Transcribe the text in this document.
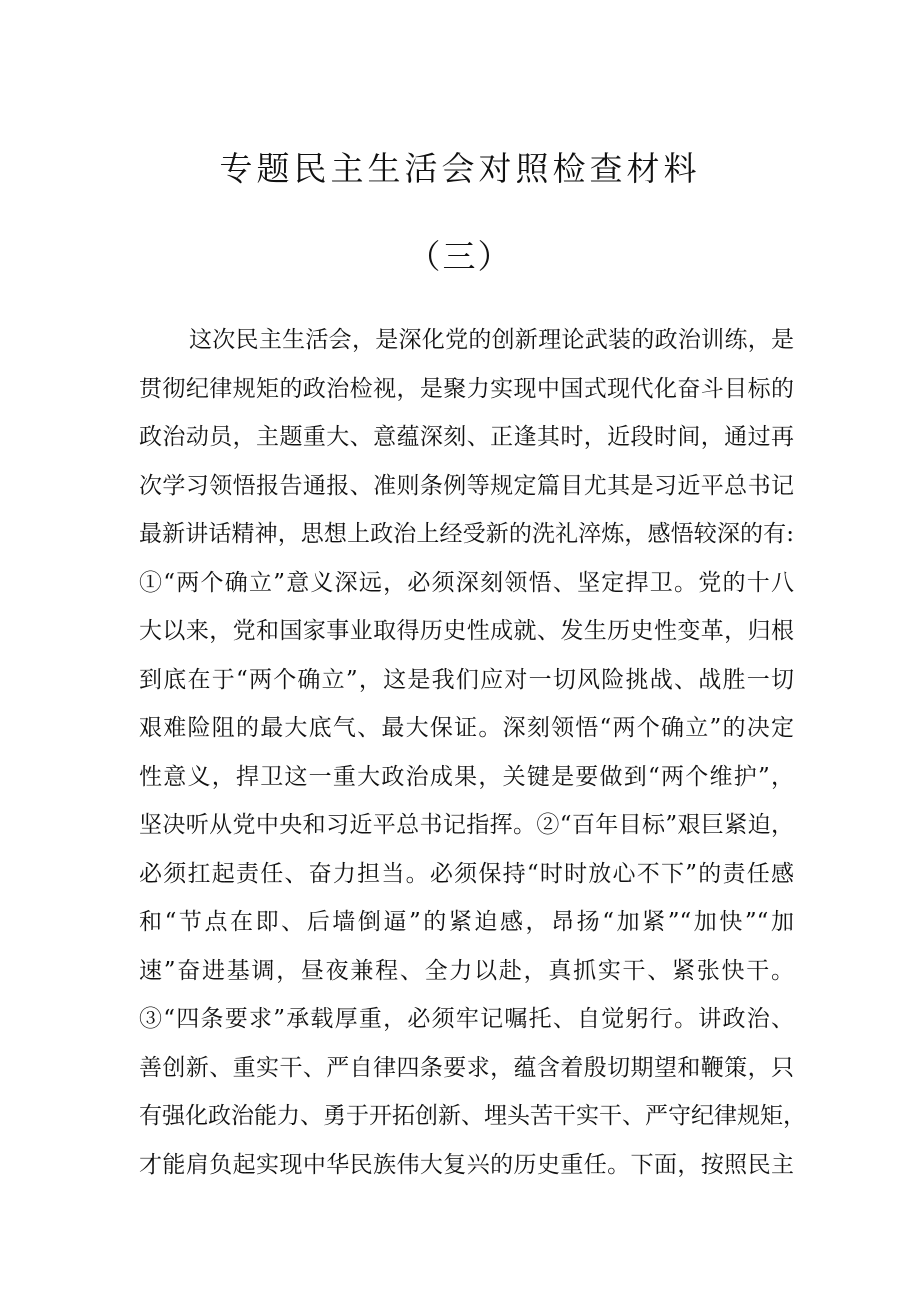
专题民主生活会对照检查材料
（三）
这次民主生活会，是深化党的创新理论武装的政治训练，是
贯彻纪律规矩的政治检视，是聚力实现中国式现代化奋斗目标的
政治动员，主题重大、意蕴深刻、正逢其时，近段时间，通过再
次学习领悟报告通报、准则条例等规定篇目尤其是习近平总书记
最新讲话精神，思想上政治上经受新的洗礼淬炼，感悟较深的有:
①“两个确立”意义深远，必须深刻领悟、坚定捍卫。党的十八
大以来，党和国家事业取得历史性成就、发生历史性变革，归根
到底在于“两个确立”，这是我们应对一切风险挑战、战胜一切
艰难险阻的最大底气、最大保证。深刻领悟“两个确立”的决定
性意义，捍卫这一重大政治成果，关键是要做到“两个维护”，
坚决听从党中央和习近平总书记指挥。②“百年目标”艰巨紧迫，
必须扛起责任、奋力担当。必须保持“时时放心不下”的责任感
和“节点在即、后墙倒逼”的紧迫感，昂扬“加紧”“加快”“加
速”奋进基调，昼夜兼程、全力以赴，真抓实干、紧张快干。
③“四条要求”承载厚重，必须牢记嘱托、自觉躬行。讲政治、
善创新、重实干、严自律四条要求，蕴含着殷切期望和鞭策，只
有强化政治能力、勇于开拓创新、埋头苦干实干、严守纪律规矩，
才能肩负起实现中华民族伟大复兴的历史重任。下面，按照民主
